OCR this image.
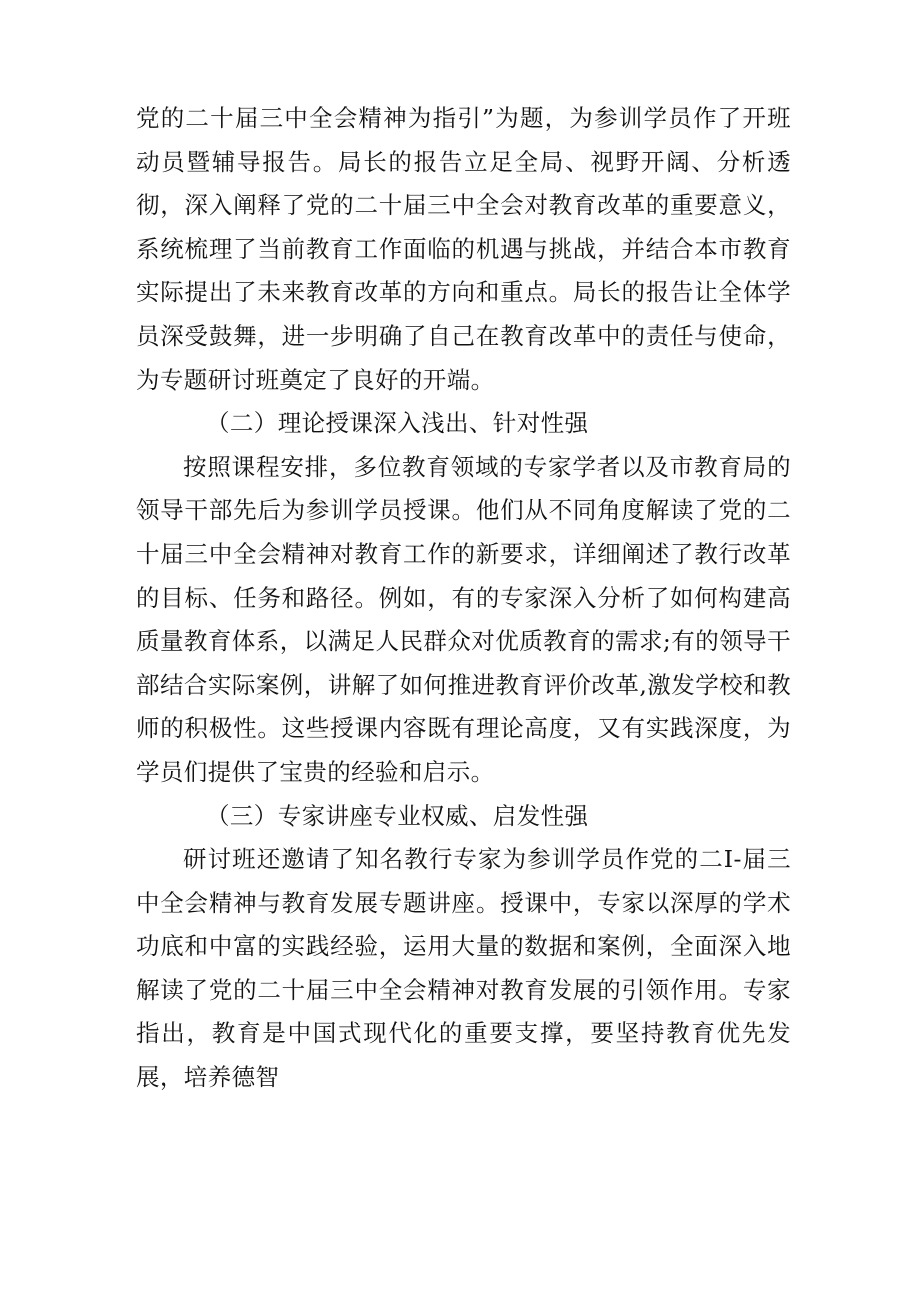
党的二十届三中全会精神为指引”为题，为参训学员作了开班动员暨辅导报告。局长的报告立足全局、视野开阔、分析透彻，深入阐释了党的二十届三中全会对教育改革的重要意义，系统梳理了当前教育工作面临的机遇与挑战，并结合本市教育实际提出了未来教育改革的方向和重点。局长的报告让全体学员深受鼓舞，进一步明确了自己在教育改革中的责任与使命，为专题研讨班奠定了良好的开端。

（二）理论授课深入浅出、针对性强

按照课程安排，多位教育领域的专家学者以及市教育局的领导干部先后为参训学员授课。他们从不同角度解读了党的二十届三中全会精神对教育工作的新要求，详细阐述了教行改革的目标、任务和路径。例如，有的专家深入分析了如何构建高质量教育体系，以满足人民群众对优质教育的需求;有的领导干部结合实际案例，讲解了如何推进教育评价改革,激发学校和教师的积极性。这些授课内容既有理论高度，又有实践深度，为学员们提供了宝贵的经验和启示。

（三）专家讲座专业权威、启发性强

研讨班还邀请了知名教行专家为参训学员作党的二I-届三中全会精神与教育发展专题讲座。授课中，专家以深厚的学术功底和中富的实践经验，运用大量的数据和案例，全面深入地解读了党的二十届三中全会精神对教育发展的引领作用。专家指出，教育是中国式现代化的重要支撑，要坚持教育优先发展，培养德智
